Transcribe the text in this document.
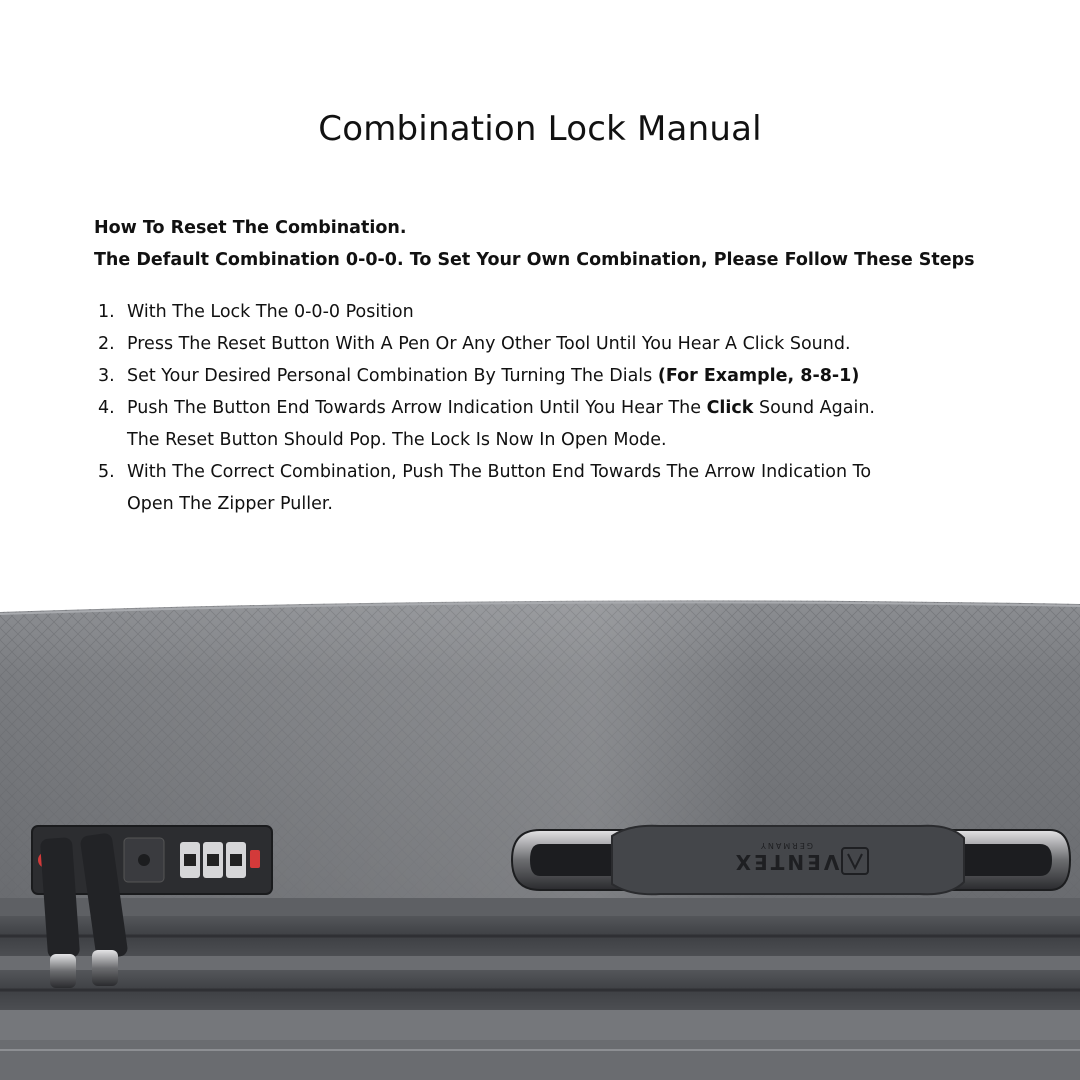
Combination Lock Manual
How To Reset The Combination.
The Default Combination 0-0-0. To Set Your Own Combination, Please Follow These Steps
1. With The Lock The 0-0-0 Position
2. Press The Reset Button With A Pen Or Any Other Tool Until You Hear A Click Sound.
3. Set Your Desired Personal Combination By Turning The Dials (For Example, 8-8-1)
4. Push The Button End Towards Arrow Indication Until You Hear The Click Sound Again.
The Reset Button Should Pop. The Lock Is Now In Open Mode.
5. With The Correct Combination, Push The Button End Towards The Arrow Indication To
Open The Zipper Puller.
VENTEX
GERMANY
